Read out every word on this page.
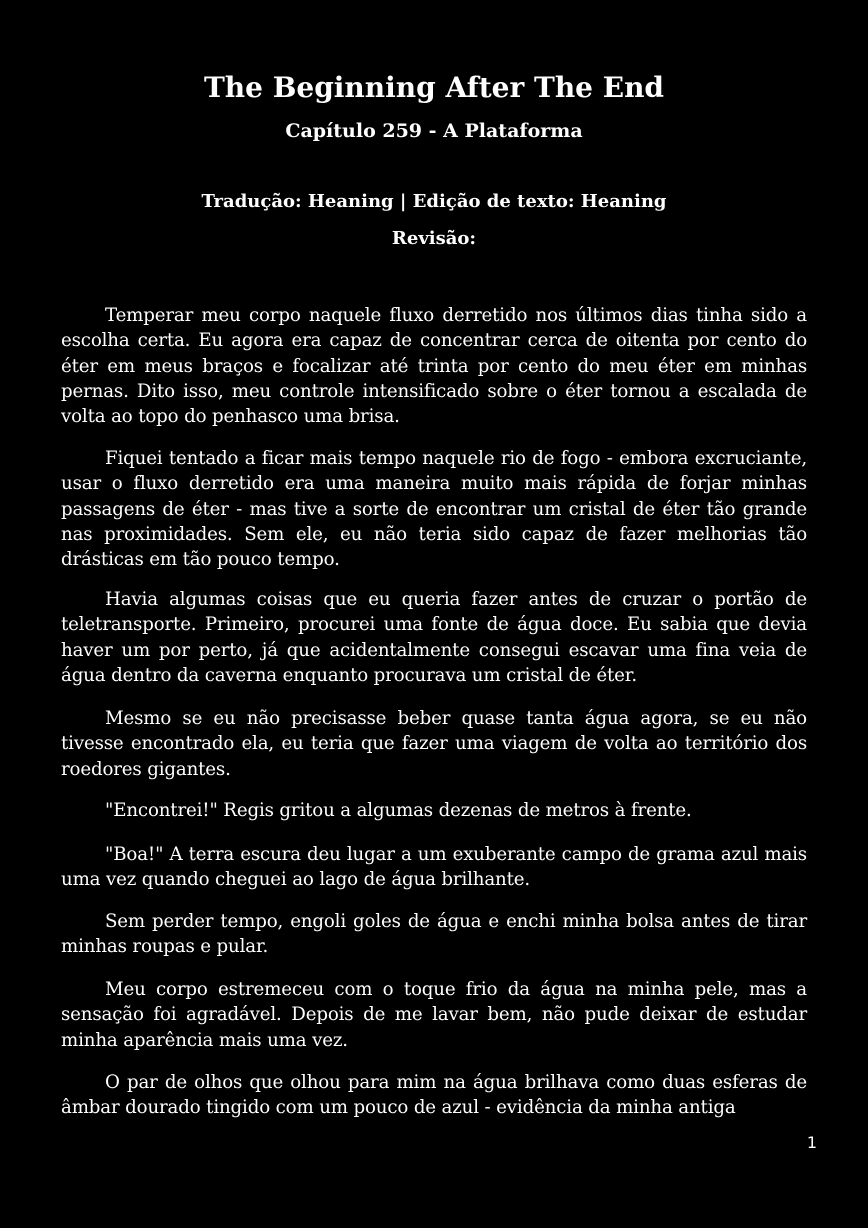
The Beginning After The End
Capítulo 259 - A Plataforma

Tradução: Heaning | Edição de texto: Heaning

Revisão:

Temperar meu corpo naquele fluxo derretido nos últimos dias tinha sido a escolha certa. Eu agora era capaz de concentrar cerca de oitenta por cento do éter em meus braços e focalizar até trinta por cento do meu éter em minhas pernas. Dito isso, meu controle intensificado sobre o éter tornou a escalada de volta ao topo do penhasco uma brisa.

Fiquei tentado a ficar mais tempo naquele rio de fogo - embora excruciante, usar o fluxo derretido era uma maneira muito mais rápida de forjar minhas passagens de éter - mas tive a sorte de encontrar um cristal de éter tão grande nas proximidades. Sem ele, eu não teria sido capaz de fazer melhorias tão drásticas em tão pouco tempo.

Havia algumas coisas que eu queria fazer antes de cruzar o portão de teletransporte. Primeiro, procurei uma fonte de água doce. Eu sabia que devia haver um por perto, já que acidentalmente consegui escavar uma fina veia de água dentro da caverna enquanto procurava um cristal de éter.

Mesmo se eu não precisasse beber quase tanta água agora, se eu não tivesse encontrado ela, eu teria que fazer uma viagem de volta ao território dos roedores gigantes.

"Encontrei!" Regis gritou a algumas dezenas de metros à frente.

"Boa!" A terra escura deu lugar a um exuberante campo de grama azul mais uma vez quando cheguei ao lago de água brilhante.

Sem perder tempo, engoli goles de água e enchi minha bolsa antes de tirar minhas roupas e pular.

Meu corpo estremeceu com o toque frio da água na minha pele, mas a sensação foi agradável. Depois de me lavar bem, não pude deixar de estudar minha aparência mais uma vez.

O par de olhos que olhou para mim na água brilhava como duas esferas de âmbar dourado tingido com um pouco de azul - evidência da minha antiga

1
